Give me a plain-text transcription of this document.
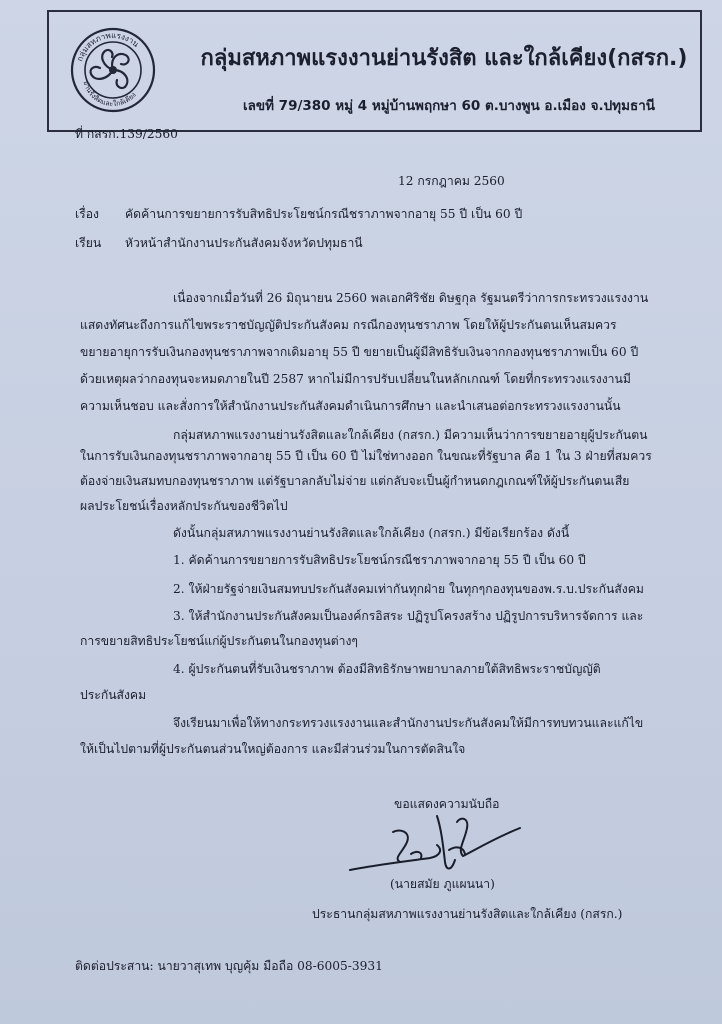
กลุ่มสหภาพแรงงาน
ย่านรังสิตและใกล้เคียง
กลุ่มสหภาพแรงงานย่านรังสิต และใกล้เคียง(กสรก.)
เลขที่ 79/380 หมู่ 4 หมู่บ้านพฤกษา 60 ต.บางพูน อ.เมือง จ.ปทุมธานี
ที่ กสรก.139/2560
12 กรกฎาคม 2560
เรื่อง คัดค้านการขยายการรับสิทธิประโยชน์กรณีชราภาพจากอายุ 55 ปี เป็น 60 ปี
เรียน หัวหน้าสำนักงานประกันสังคมจังหวัดปทุมธานี
เนื่องจากเมื่อวันที่ 26 มิถุนายน 2560 พลเอกศิริชัย ดิษฐกุล รัฐมนตรีว่าการกระทรวงแรงงาน
แสดงทัศนะถึงการแก้ไขพระราชบัญญัติประกันสังคม กรณีกองทุนชราภาพ โดยให้ผู้ประกันตนเห็นสมควร
ขยายอายุการรับเงินกองทุนชราภาพจากเดิมอายุ 55 ปี ขยายเป็นผู้มีสิทธิรับเงินจากกองทุนชราภาพเป็น 60 ปี
ด้วยเหตุผลว่ากองทุนจะหมดภายในปี 2587 หากไม่มีการปรับเปลี่ยนในหลักเกณฑ์ โดยที่กระทรวงแรงงานมี
ความเห็นชอบ และสั่งการให้สำนักงานประกันสังคมดำเนินการศึกษา และนำเสนอต่อกระทรวงแรงงานนั้น
กลุ่มสหภาพแรงงานย่านรังสิตและใกล้เคียง (กสรก.) มีความเห็นว่าการขยายอายุผู้ประกันตน
ในการรับเงินกองทุนชราภาพจากอายุ 55 ปี เป็น 60 ปี ไม่ใช่ทางออก ในขณะที่รัฐบาล คือ 1 ใน 3 ฝ่ายที่สมควร
ต้องจ่ายเงินสมทบกองทุนชราภาพ แต่รัฐบาลกลับไม่จ่าย แต่กลับจะเป็นผู้กำหนดกฎเกณฑ์ให้ผู้ประกันตนเสีย
ผลประโยชน์เรื่องหลักประกันของชีวิตไป
ดังนั้นกลุ่มสหภาพแรงงานย่านรังสิตและใกล้เคียง (กสรก.) มีข้อเรียกร้อง ดังนี้
1. คัดค้านการขยายการรับสิทธิประโยชน์กรณีชราภาพจากอายุ 55 ปี เป็น 60 ปี
2. ให้ฝ่ายรัฐจ่ายเงินสมทบประกันสังคมเท่ากันทุกฝ่าย ในทุกๆกองทุนของพ.ร.บ.ประกันสังคม
3. ให้สำนักงานประกันสังคมเป็นองค์กรอิสระ ปฏิรูปโครงสร้าง ปฏิรูปการบริหารจัดการ และ
การขยายสิทธิประโยชน์แก่ผู้ประกันตนในกองทุนต่างๆ
4. ผู้ประกันตนที่รับเงินชราภาพ ต้องมีสิทธิรักษาพยาบาลภายใต้สิทธิพระราชบัญญัติ
ประกันสังคม
จึงเรียนมาเพื่อให้ทางกระทรวงแรงงานและสำนักงานประกันสังคมให้มีการทบทวนและแก้ไข
ให้เป็นไปตามที่ผู้ประกันตนส่วนใหญ่ต้องการ และมีส่วนร่วมในการตัดสินใจ
ขอแสดงความนับถือ
(นายสมัย ภูแผนนา)
ประธานกลุ่มสหภาพแรงงานย่านรังสิตและใกล้เคียง (กสรก.)
ติดต่อประสาน: นายวาสุเทพ บุญคุ้ม มือถือ 08-6005-3931
